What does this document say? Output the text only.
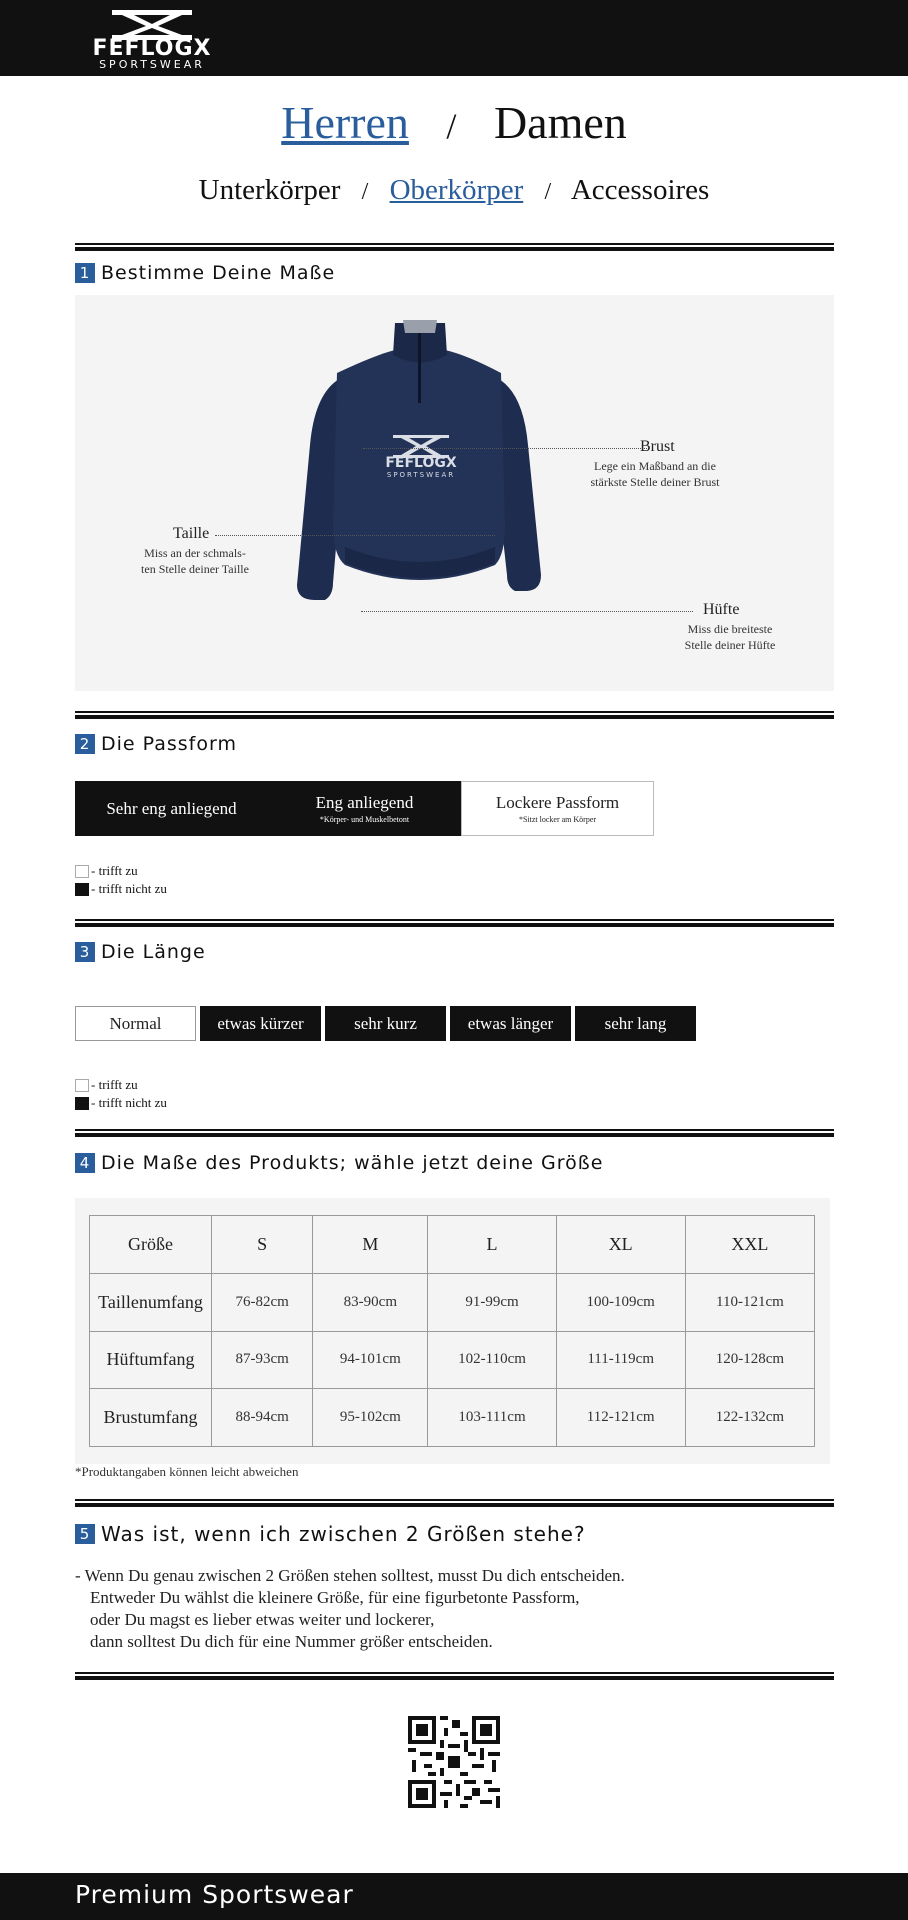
FEFLOGX
SPORTSWEAR
Herren / Damen
Unterkörper / Oberkörper / Accessoires
1 Bestimme Deine Maße
FEFLOGX
SPORTSWEAR
Brust
Lege ein Maßband an die
stärkste Stelle deiner Brust
Taille
Miss an der schmals-
ten Stelle deiner Taille
Hüfte
Miss die breiteste
Stelle deiner Hüfte
2 Die Passform
Sehr eng anliegend	Eng anliegend
*Körper- und Muskelbetont
Lockere Passform
*Sitzt locker am Körper
- trifft zu
- trifft nicht zu
3 Die Länge
Normal	etwas kürzer	sehr kurz	etwas länger	sehr lang
- trifft zu
- trifft nicht zu
4 Die Maße des Produkts; wähle jetzt deine Größe
Größe	S	M	L	XL	XXL
Taillenumfang	76-82cm	83-90cm	91-99cm	100-109cm	110-121cm
Hüftumfang	87-93cm	94-101cm	102-110cm	111-119cm	120-128cm
Brustumfang	88-94cm	95-102cm	103-111cm	112-121cm	122-132cm
*Produktangaben können leicht abweichen
5 Was ist, wenn ich zwischen 2 Größen stehe?
- Wenn Du genau zwischen 2 Größen stehen solltest, musst Du dich entscheiden.
Entweder Du wählst die kleinere Größe, für eine figurbetonte Passform,
oder Du magst es lieber etwas weiter und lockerer,
dann solltest Du dich für eine Nummer größer entscheiden.
Premium Sportswear
